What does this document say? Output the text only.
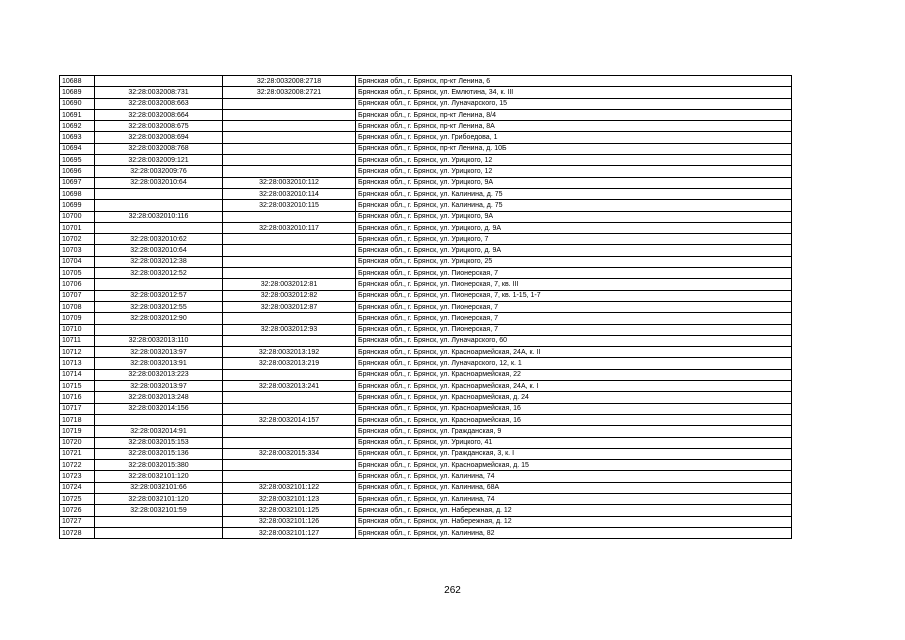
10688		32:28:0032008:2718	Брянская обл., г. Брянск, пр-кт Ленина, 6
10689	32:28:0032008:731	32:28:0032008:2721	Брянская обл., г. Брянск, ул. Емлютина, 34, к. III
10690	32:28:0032008:663		Брянская обл., г. Брянск, ул. Луначарского, 15
10691	32:28:0032008:664		Брянская обл., г. Брянск, пр-кт Ленина, 8/4
10692	32:28:0032008:675		Брянская обл., г. Брянск, пр-кт Ленина, 8А
10693	32:28:0032008:694		Брянская обл., г. Брянск, ул. Грибоедова, 1
10694	32:28:0032008:768		Брянская обл., г. Брянск, пр-кт Ленина, д. 10Б
10695	32:28:0032009:121		Брянская обл., г. Брянск, ул. Урицкого, 12
10696	32:28:0032009:76		Брянская обл., г. Брянск, ул. Урицкого, 12
10697	32:28:0032010:64	32:28:0032010:112	Брянская обл., г. Брянск, ул. Урицкого, 9А
10698		32:28:0032010:114	Брянская обл., г. Брянск, ул. Калинина, д. 75
10699		32:28:0032010:115	Брянская обл., г. Брянск, ул. Калинина, д. 75
10700	32:28:0032010:116		Брянская обл., г. Брянск, ул. Урицкого, 9А
10701		32:28:0032010:117	Брянская обл., г. Брянск, ул. Урицкого, д. 9А
10702	32:28:0032010:62		Брянская обл., г. Брянск, ул. Урицкого, 7
10703	32:28:0032010:64		Брянская обл., г. Брянск, ул. Урицкого, д. 9А
10704	32:28:0032012:38		Брянская обл., г. Брянск, ул. Урицкого, 25
10705	32:28:0032012:52		Брянская обл., г. Брянск, ул. Пионерская, 7
10706		32:28:0032012:81	Брянская обл., г. Брянск, ул. Пионерская, 7, кв. III
10707	32:28:0032012:57	32:28:0032012:82	Брянская обл., г. Брянск, ул. Пионерская, 7, кв. 1-15, 1-7
10708	32:28:0032012:55	32:28:0032012:87	Брянская обл., г. Брянск, ул. Пионерская, 7
10709	32:28:0032012:90		Брянская обл., г. Брянск, ул. Пионерская, 7
10710		32:28:0032012:93	Брянская обл., г. Брянск, ул. Пионерская, 7
10711	32:28:0032013:110		Брянская обл., г. Брянск, ул. Луначарского, 60
10712	32:28:0032013:97	32:28:0032013:192	Брянская обл., г. Брянск, ул. Красноармейская, 24А, к. II
10713	32:28:0032013:91	32:28:0032013:219	Брянская обл., г. Брянск, ул. Луначарского, 12, к. 1
10714	32:28:0032013:223		Брянская обл., г. Брянск, ул. Красноармейская, 22
10715	32:28:0032013:97	32:28:0032013:241	Брянская обл., г. Брянск, ул. Красноармейская, 24А, к. I
10716	32:28:0032013:248		Брянская обл., г. Брянск, ул. Красноармейская, д. 24
10717	32:28:0032014:156		Брянская обл., г. Брянск, ул. Красноармейская, 16
10718		32:28:0032014:157	Брянская обл., г. Брянск, ул. Красноармейская, 16
10719	32:28:0032014:91		Брянская обл., г. Брянск, ул. Гражданская, 9
10720	32:28:0032015:153		Брянская обл., г. Брянск, ул. Урицкого, 41
10721	32:28:0032015:136	32:28:0032015:334	Брянская обл., г. Брянск, ул. Гражданская, 3, к. I
10722	32:28:0032015:380		Брянская обл., г. Брянск, ул. Красноармейская, д. 15
10723	32:28:0032101:120		Брянская обл., г. Брянск, ул. Калинина, 74
10724	32:28:0032101:66	32:28:0032101:122	Брянская обл., г. Брянск, ул. Калинина, 68А
10725	32:28:0032101:120	32:28:0032101:123	Брянская обл., г. Брянск, ул. Калинина, 74
10726	32:28:0032101:59	32:28:0032101:125	Брянская обл., г. Брянск, ул. Набережная, д. 12
10727		32:28:0032101:126	Брянская обл., г. Брянск, ул. Набережная, д. 12
10728		32:28:0032101:127	Брянская обл., г. Брянск, ул. Калинина, 82
262
